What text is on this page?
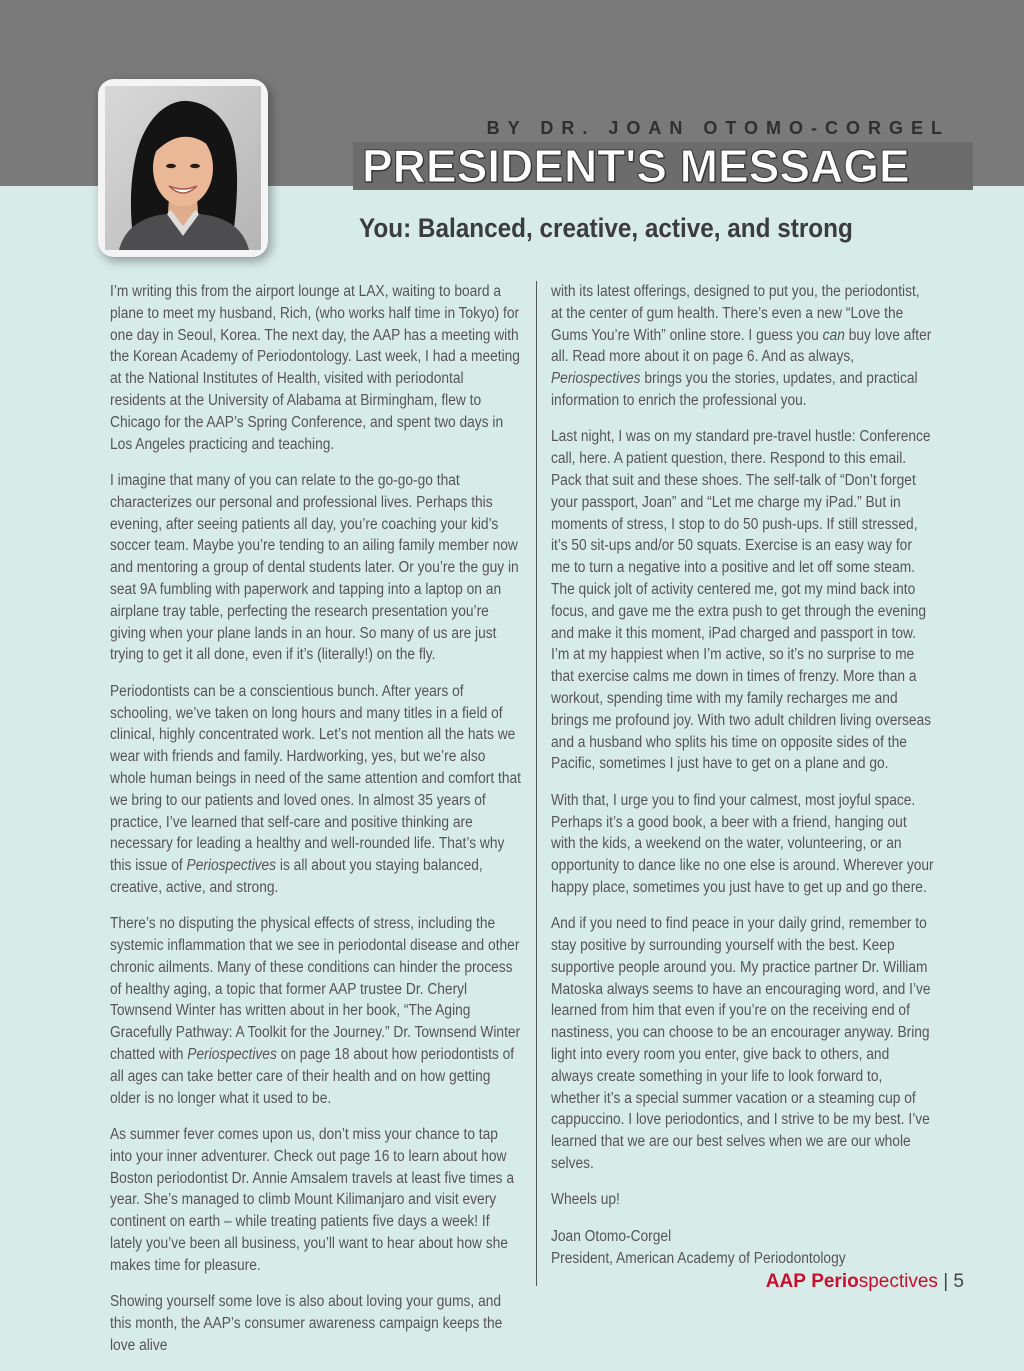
BY DR. JOAN OTOMO-CORGEL
PRESIDENT'S MESSAGE
You: Balanced, creative, active, and strong

I’m writing this from the airport lounge at LAX, waiting to board a plane to meet my husband, Rich, (who works half time in Tokyo) for one day in Seoul, Korea. The next day, the AAP has a meeting with the Korean Academy of Periodontology. Last week, I had a meeting at the National Institutes of Health, visited with periodontal residents at the University of Alabama at Birmingham, flew to Chicago for the AAP’s Spring Conference, and spent two days in Los Angeles practicing and teaching.

I imagine that many of you can relate to the go-go-go that characterizes our personal and professional lives. Perhaps this evening, after seeing patients all day, you’re coaching your kid’s soccer team. Maybe you’re tending to an ailing family member now and mentoring a group of dental students later. Or you’re the guy in seat 9A fumbling with paperwork and tapping into a laptop on an airplane tray table, perfecting the research presentation you’re giving when your plane lands in an hour. So many of us are just trying to get it all done, even if it’s (literally!) on the fly.

Periodontists can be a conscientious bunch. After years of schooling, we’ve taken on long hours and many titles in a field of clinical, highly concentrated work. Let’s not mention all the hats we wear with friends and family. Hardworking, yes, but we’re also whole human beings in need of the same attention and comfort that we bring to our patients and loved ones. In almost 35 years of practice, I’ve learned that self-care and positive thinking are necessary for leading a healthy and well-rounded life. That’s why this issue of Periospectives is all about you staying balanced, creative, active, and strong.

There’s no disputing the physical effects of stress, including the systemic inflammation that we see in periodontal disease and other chronic ailments. Many of these conditions can hinder the process of healthy aging, a topic that former AAP trustee Dr. Cheryl Townsend Winter has written about in her book, “The Aging Gracefully Pathway: A Toolkit for the Journey.” Dr. Townsend Winter chatted with Periospectives on page 18 about how periodontists of all ages can take better care of their health and on how getting older is no longer what it used to be.

As summer fever comes upon us, don’t miss your chance to tap into your inner adventurer. Check out page 16 to learn about how Boston periodontist Dr. Annie Amsalem travels at least five times a year. She’s managed to climb Mount Kilimanjaro and visit every continent on earth – while treating patients five days a week! If lately you’ve been all business, you’ll want to hear about how she makes time for pleasure.

Showing yourself some love is also about loving your gums, and this month, the AAP’s consumer awareness campaign keeps the love alive

with its latest offerings, designed to put you, the periodontist, at the center of gum health. There’s even a new “Love the Gums You’re With” online store. I guess you can buy love after all. Read more about it on page 6. And as always, Periospectives brings you the stories, updates, and practical information to enrich the professional you.

Last night, I was on my standard pre-travel hustle: Conference call, here. A patient question, there. Respond to this email. Pack that suit and these shoes. The self-talk of “Don’t forget your passport, Joan” and “Let me charge my iPad.” But in moments of stress, I stop to do 50 push-ups. If still stressed, it’s 50 sit-ups and/or 50 squats. Exercise is an easy way for me to turn a negative into a positive and let off some steam. The quick jolt of activity centered me, got my mind back into focus, and gave me the extra push to get through the evening and make it this moment, iPad charged and passport in tow. I’m at my happiest when I’m active, so it’s no surprise to me that exercise calms me down in times of frenzy. More than a workout, spending time with my family recharges me and brings me profound joy. With two adult children living overseas and a husband who splits his time on opposite sides of the Pacific, sometimes I just have to get on a plane and go.

With that, I urge you to find your calmest, most joyful space. Perhaps it’s a good book, a beer with a friend, hanging out with the kids, a weekend on the water, volunteering, or an opportunity to dance like no one else is around. Wherever your happy place, sometimes you just have to get up and go there.

And if you need to find peace in your daily grind, remember to stay positive by surrounding yourself with the best. Keep supportive people around you. My practice partner Dr. William Matoska always seems to have an encouraging word, and I’ve learned from him that even if you’re on the receiving end of nastiness, you can choose to be an encourager anyway. Bring light into every room you enter, give back to others, and always create something in your life to look forward to, whether it’s a special summer vacation or a steaming cup of cappuccino. I love periodontics, and I strive to be my best. I’ve learned that we are our best selves when we are our whole selves.

Wheels up!

Joan Otomo-Corgel
President, American Academy of Periodontology

AAP Periospectives | 5
